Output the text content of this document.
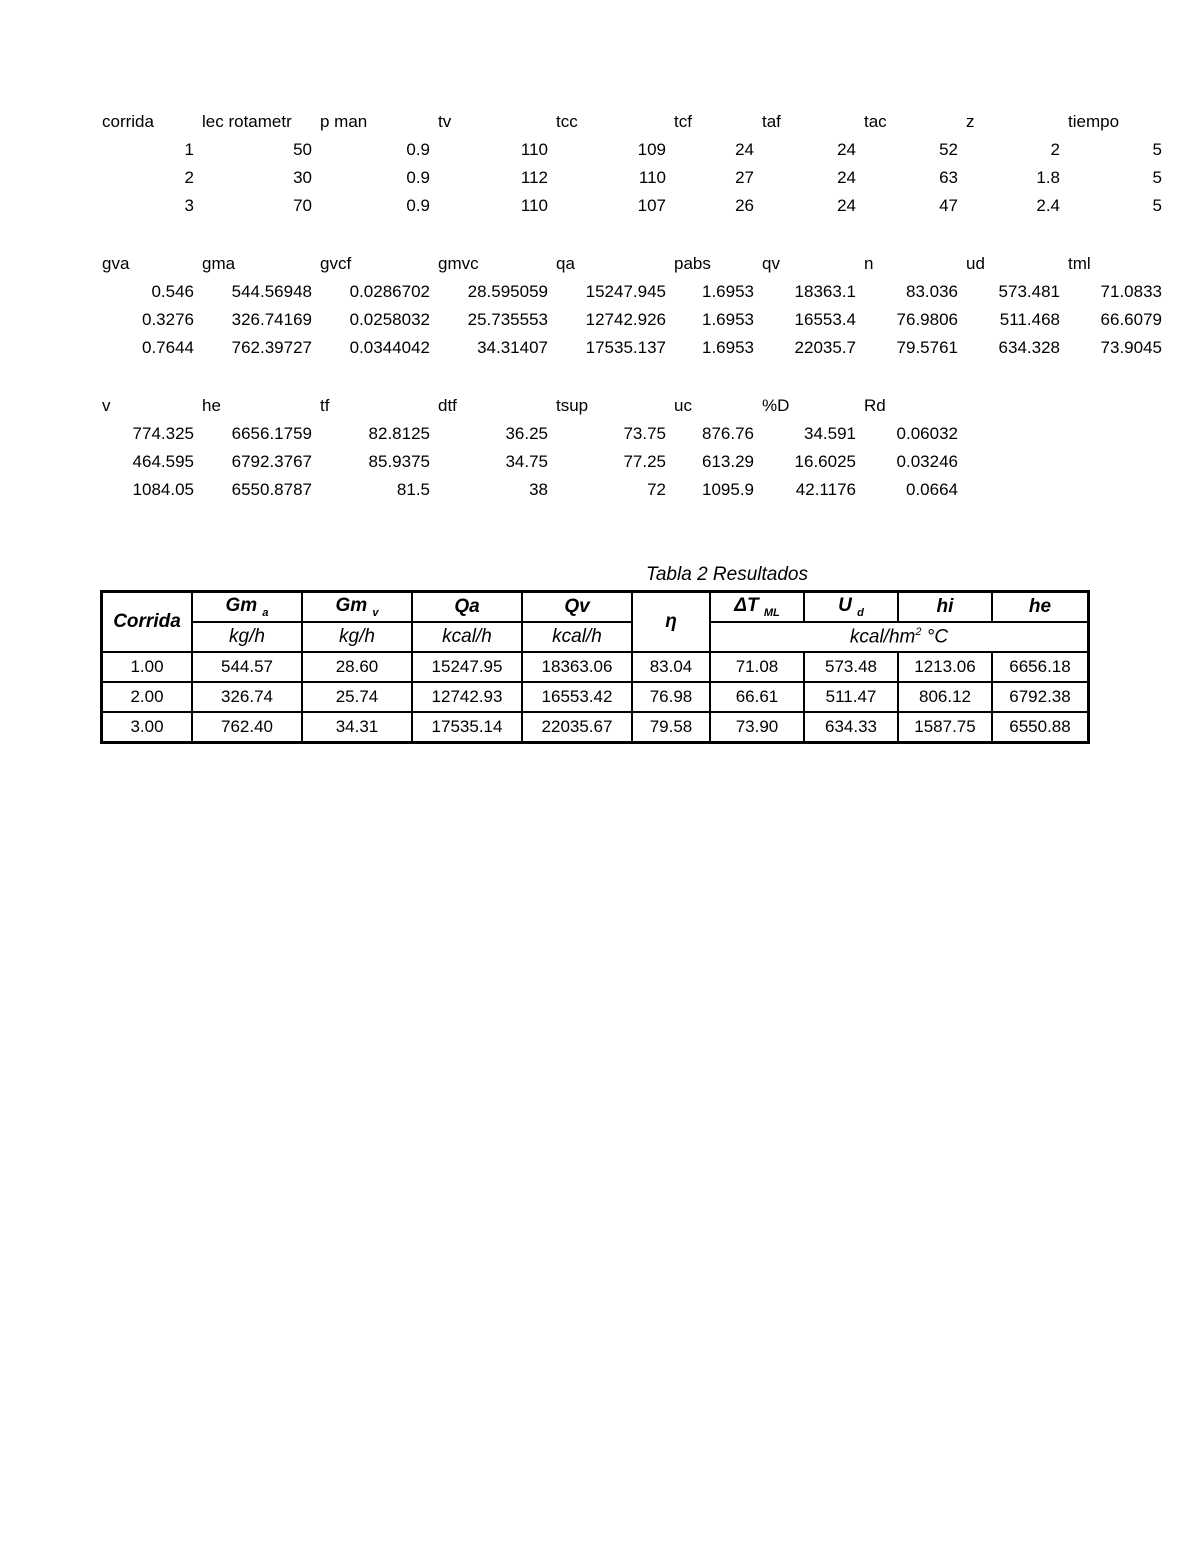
corrida	lec rotametr	p man	tv	tcc	tcf	taf	tac	z	tiempo
1	50	0.9	110	109	24	24	52	2	5
2	30	0.9	112	110	27	24	63	1.8	5
3	70	0.9	110	107	26	24	47	2.4	5
gva	gma	gvcf	gmvc	qa	pabs	qv	n	ud	tml
0.546	544.56948	0.0286702	28.595059	15247.945	1.6953	18363.1	83.036	573.481	71.0833
0.3276	326.74169	0.0258032	25.735553	12742.926	1.6953	16553.4	76.9806	511.468	66.6079
0.7644	762.39727	0.0344042	34.31407	17535.137	1.6953	22035.7	79.5761	634.328	73.9045
v	he	tf	dtf	tsup	uc	%D	Rd
774.325	6656.1759	82.8125	36.25	73.75	876.76	34.591	0.06032
464.595	6792.3767	85.9375	34.75	77.25	613.29	16.6025	0.03246
1084.05	6550.8787	81.5	38	72	1095.9	42.1176	0.0664
Tabla 2 Resultados
Corrida	Gm $_a$	Gm $_v$	Qa	Qv	η	ΔT $_{ML}$	U $_d$	hi	he
	kg/h	kg/h	kcal/h	kcal/h		kcal/$hm^2$ °C			
1.00	544.57	28.60	15247.95	18363.06	83.04	71.08	573.48	1213.06	6656.18
2.00	326.74	25.74	12742.93	16553.42	76.98	66.61	511.47	806.12	6792.38
3.00	762.40	34.31	17535.14	22035.67	79.58	73.90	634.33	1587.75	6550.88
